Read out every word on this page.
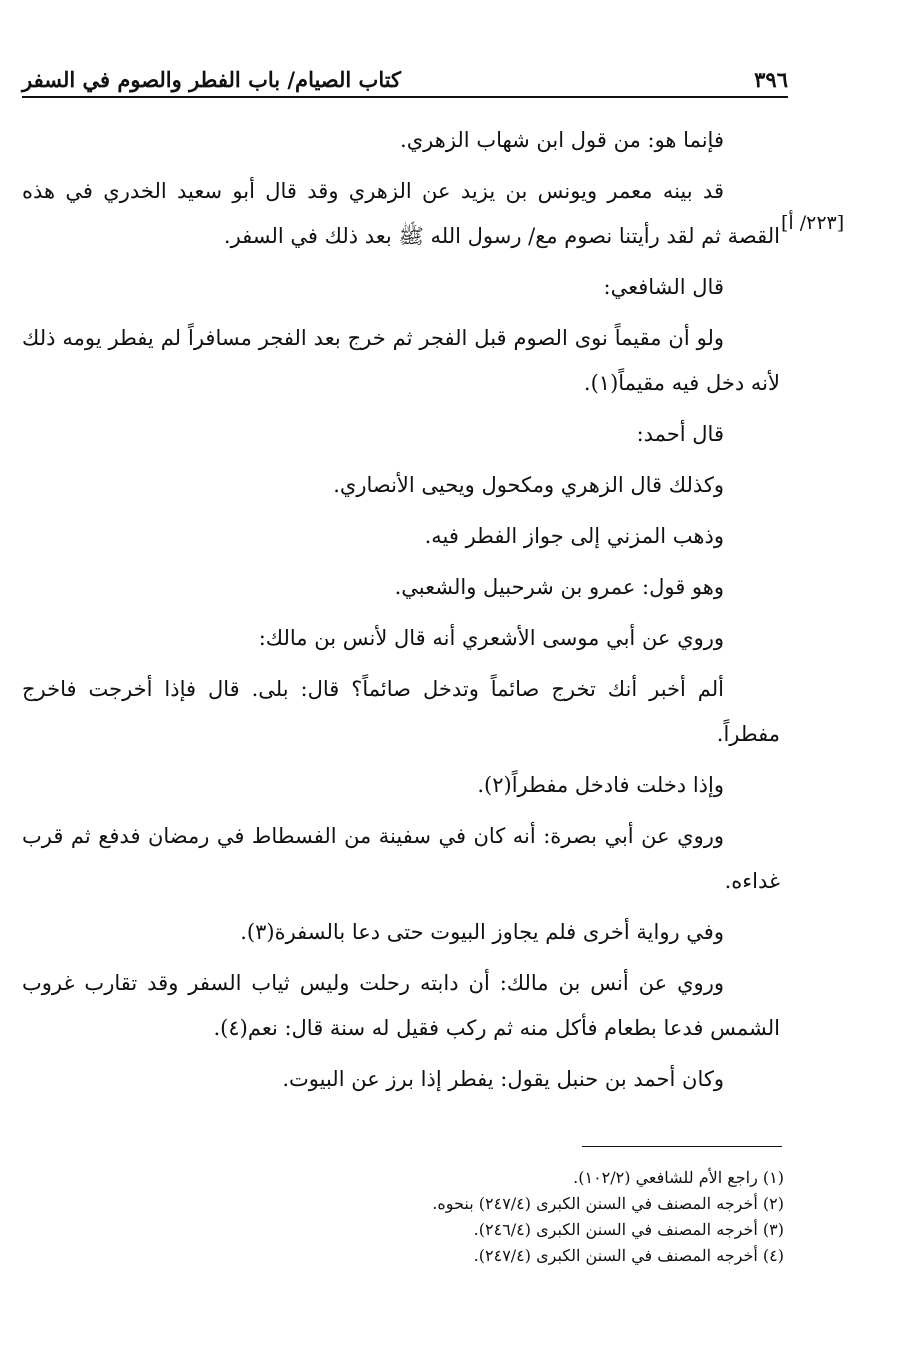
٣٩٦
كتاب الصيام/ باب الفطر والصوم في السفر
[٢٢٣/ أ]

فإنما هو: من قول ابن شهاب الزهري.

قد بينه معمر ويونس بن يزيد عن الزهري وقد قال أبو سعيد الخدري في هذه القصة ثم لقد رأيتنا نصوم مع/ رسول الله ﷺ بعد ذلك في السفر.

قال الشافعي:

ولو أن مقيماً نوى الصوم قبل الفجر ثم خرج بعد الفجر مسافراً لم يفطر يومه ذلك لأنه دخل فيه مقيماً(١).

قال أحمد:

وكذلك قال الزهري ومكحول ويحيى الأنصاري.

وذهب المزني إلى جواز الفطر فيه.

وهو قول: عمرو بن شرحبيل والشعبي.

وروي عن أبي موسى الأشعري أنه قال لأنس بن مالك:

ألم أخبر أنك تخرج صائماً وتدخل صائماً؟ قال: بلى. قال فإذا أخرجت فاخرج مفطراً.

وإذا دخلت فادخل مفطراً(٢).

وروي عن أبي بصرة: أنه كان في سفينة من الفسطاط في رمضان فدفع ثم قرب غداءه.

وفي رواية أخرى فلم يجاوز البيوت حتى دعا بالسفرة(٣).

وروي عن أنس بن مالك: أن دابته رحلت وليس ثياب السفر وقد تقارب غروب الشمس فدعا بطعام فأكل منه ثم ركب فقيل له سنة قال: نعم(٤).

وكان أحمد بن حنبل يقول: يفطر إذا برز عن البيوت.

(١) راجع الأم للشافعي (١٠٢/٢).

(٢) أخرجه المصنف في السنن الكبرى (٢٤٧/٤) بنحوه.

(٣) أخرجه المصنف في السنن الكبرى (٢٤٦/٤).

(٤) أخرجه المصنف في السنن الكبرى (٢٤٧/٤).
